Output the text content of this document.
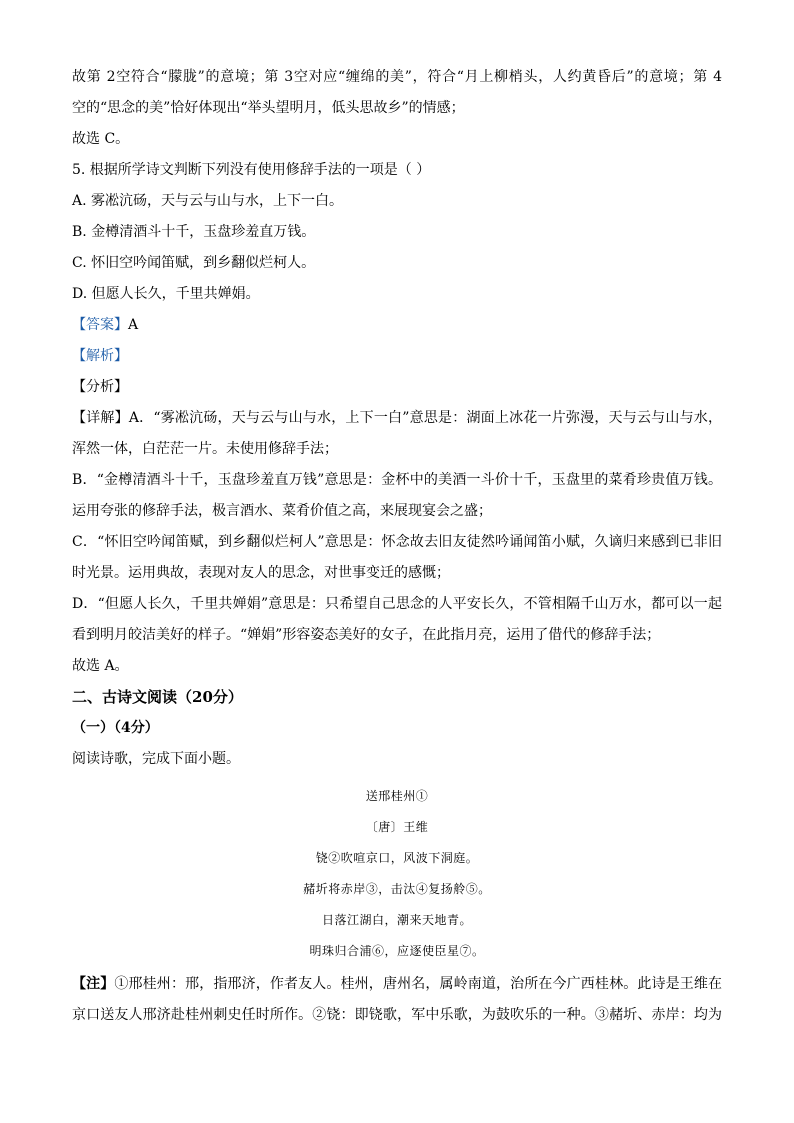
故第 2空符合“朦胧”的意境；第 3空对应“缠绵的美”，符合“月上柳梢头，人约黄昏后”的意境；第 4

空的“思念的美”恰好体现出“举头望明月，低头思故乡”的情感；

故选 C。

5. 根据所学诗文判断下列没有使用修辞手法的一项是（ ）

A. 雾凇沆砀，天与云与山与水，上下一白。

B. 金樽清酒斗十千，玉盘珍羞直万钱。

C. 怀旧空吟闻笛赋，到乡翻似烂柯人。

D. 但愿人长久，千里共婵娟。

【答案】A

【解析】

【分析】

【详解】A．“雾凇沆砀，天与云与山与水，上下一白”意思是：湖面上冰花一片弥漫，天与云与山与水，

浑然一体，白茫茫一片。未使用修辞手法；

B．“金樽清酒斗十千，玉盘珍羞直万钱”意思是：金杯中的美酒一斗价十千，玉盘里的菜肴珍贵值万钱。

运用夸张的修辞手法，极言酒水、菜肴价值之高，来展现宴会之盛；

C．“怀旧空吟闻笛赋，到乡翻似烂柯人”意思是：怀念故去旧友徒然吟诵闻笛小赋，久谪归来感到已非旧

时光景。运用典故，表现对友人的思念，对世事变迁的感慨；

D．“但愿人长久，千里共婵娟”意思是：只希望自己思念的人平安长久，不管相隔千山万水，都可以一起

看到明月皎洁美好的样子。“婵娟”形容姿态美好的女子，在此指月亮，运用了借代的修辞手法；

故选 A。

二、古诗文阅读（20分）

（一）（4分）

阅读诗歌，完成下面小题。

送邢桂州①

〔唐〕王维

铙②吹喧京口，风波下洞庭。

赭圻将赤岸③，击汰④复扬舲⑤。

日落江湖白，潮来天地青。

明珠归合浦⑥，应逐使臣星⑦。

【注】①邢桂州：邢，指邢济，作者友人。桂州，唐州名，属岭南道，治所在今广西桂林。此诗是王维在

京口送友人邢济赴桂州刺史任时所作。②铙：即铙歌，军中乐歌，为鼓吹乐的一种。③赭圻、赤岸：均为
